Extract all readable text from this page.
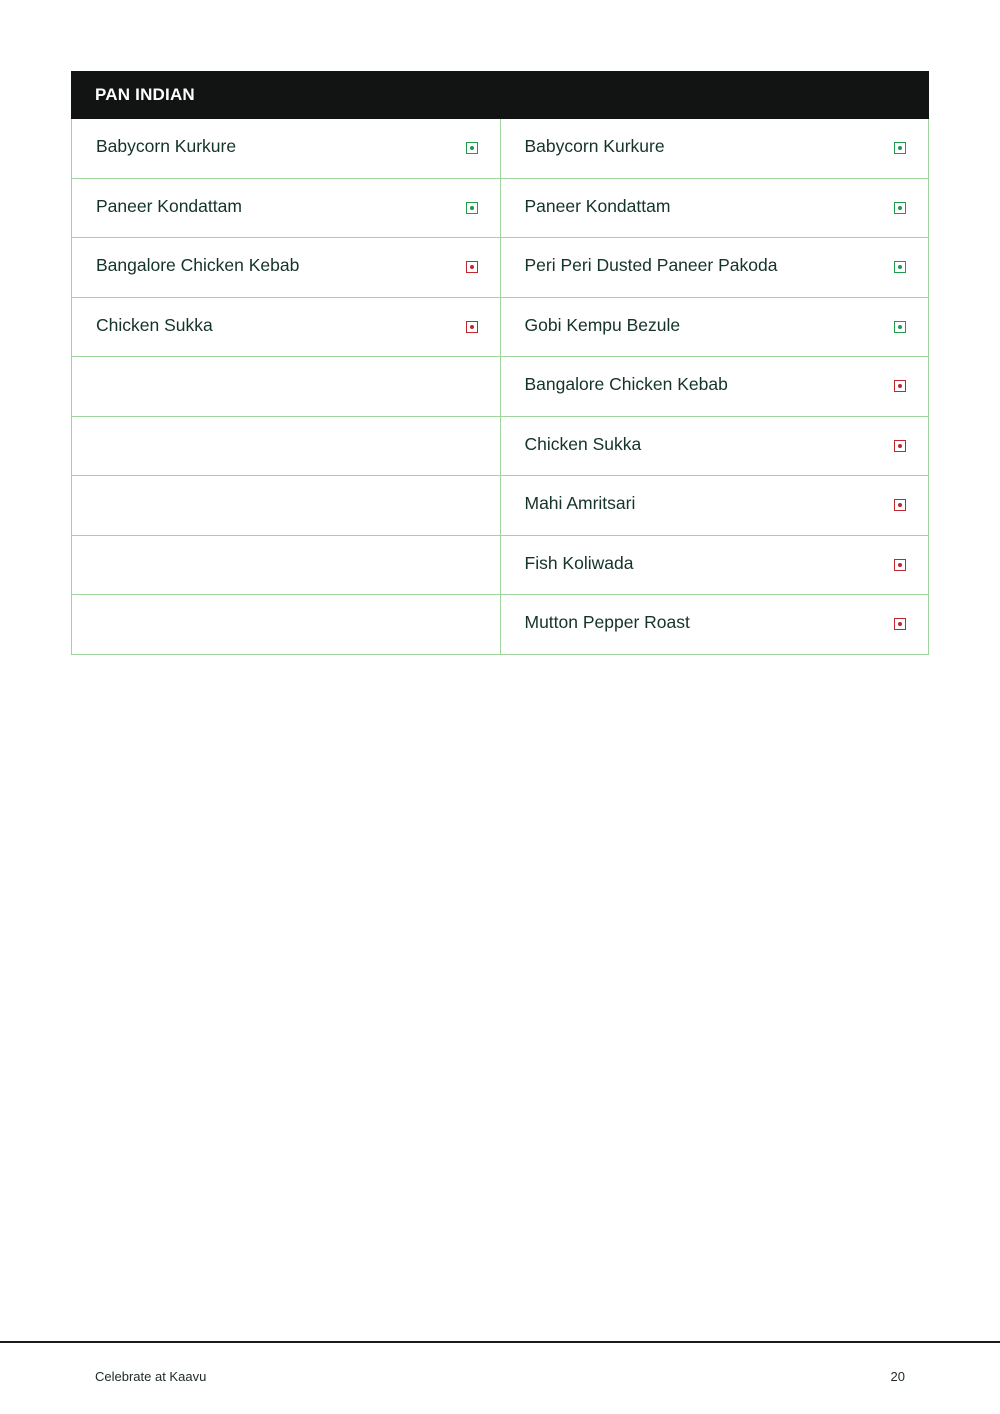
PAN INDIAN
Babycorn Kurkure
Paneer Kondattam
Bangalore Chicken Kebab
Chicken Sukka
Babycorn Kurkure
Paneer Kondattam
Peri Peri Dusted Paneer Pakoda
Gobi Kempu Bezule
Bangalore Chicken Kebab
Chicken Sukka
Mahi Amritsari
Fish Koliwada
Mutton Pepper Roast
Celebrate at Kaavu	20
